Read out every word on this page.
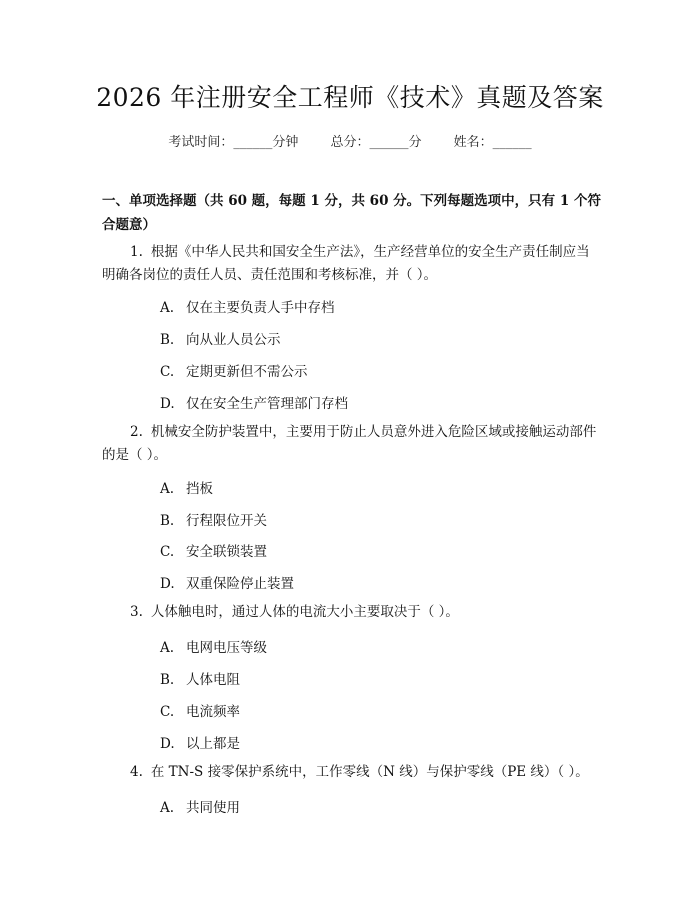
2026 年注册安全工程师《技术》真题及答案
考试时间：______分钟 总分：______分 姓名：______
一、单项选择题（共 60 题，每题 1 分，共 60 分。下列每题选项中，只有 1 个符合题意）
1. 根据《中华人民共和国安全生产法》，生产经营单位的安全生产责任制应当明确各岗位的责任人员、责任范围和考核标准，并（ ）。
A. 仅在主要负责人手中存档
B. 向从业人员公示
C. 定期更新但不需公示
D. 仅在安全生产管理部门存档
2. 机械安全防护装置中，主要用于防止人员意外进入危险区域或接触运动部件的是（ ）。
A. 挡板
B. 行程限位开关
C. 安全联锁装置
D. 双重保险停止装置
3. 人体触电时，通过人体的电流大小主要取决于（ ）。
A. 电网电压等级
B. 人体电阻
C. 电流频率
D. 以上都是
4. 在 TN-S 接零保护系统中，工作零线（N 线）与保护零线（PE 线）（ ）。
A. 共同使用
